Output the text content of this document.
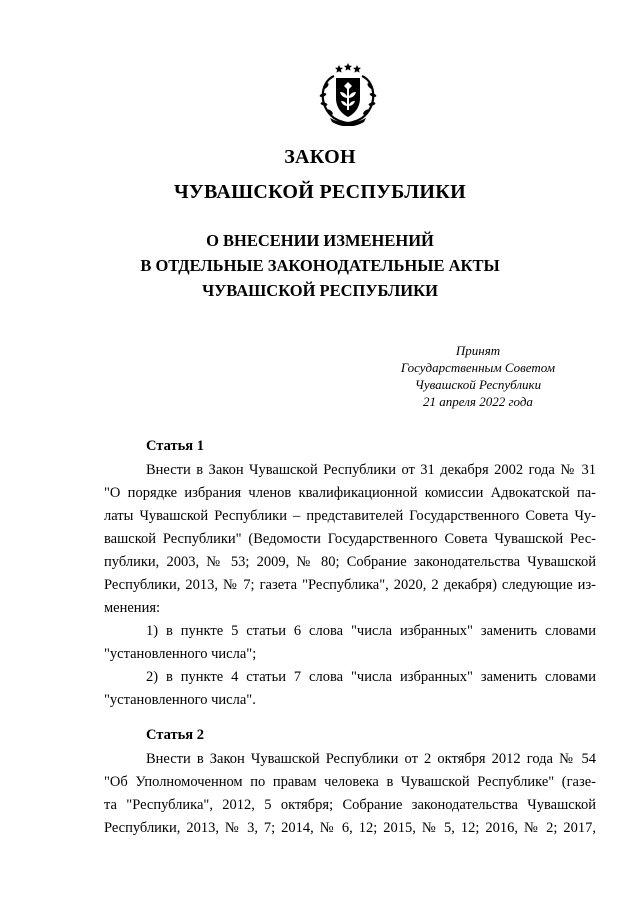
ЗАКОН
ЧУВАШСКОЙ РЕСПУБЛИКИ
О ВНЕСЕНИИ ИЗМЕНЕНИЙ
В ОТДЕЛЬНЫЕ ЗАКОНОДАТЕЛЬНЫЕ АКТЫ
ЧУВАШСКОЙ РЕСПУБЛИКИ
Принят
Государственным Советом
Чувашской Республики
21 апреля 2022 года
Статья 1
Внести в Закон Чувашской Республики от 31 декабря 2002 года № 31
"О порядке избрания членов квалификационной комиссии Адвокатской па-
латы Чувашской Республики – представителей Государственного Совета Чу-
вашской Республики" (Ведомости Государственного Совета Чувашской Рес-
публики, 2003, № 53; 2009, № 80; Собрание законодательства Чувашской
Республики, 2013, № 7; газета "Республика", 2020, 2 декабря) следующие из-
менения:
1) в пункте 5 статьи 6 слова "числа избранных" заменить словами
"установленного числа";
2) в пункте 4 статьи 7 слова "числа избранных" заменить словами
"установленного числа".
Статья 2
Внести в Закон Чувашской Республики от 2 октября 2012 года № 54
"Об Уполномоченном по правам человека в Чувашской Республике" (газе-
та "Республика", 2012, 5 октября; Собрание законодательства Чувашской
Республики, 2013, № 3, 7; 2014, № 6, 12; 2015, № 5, 12; 2016, № 2; 2017,
